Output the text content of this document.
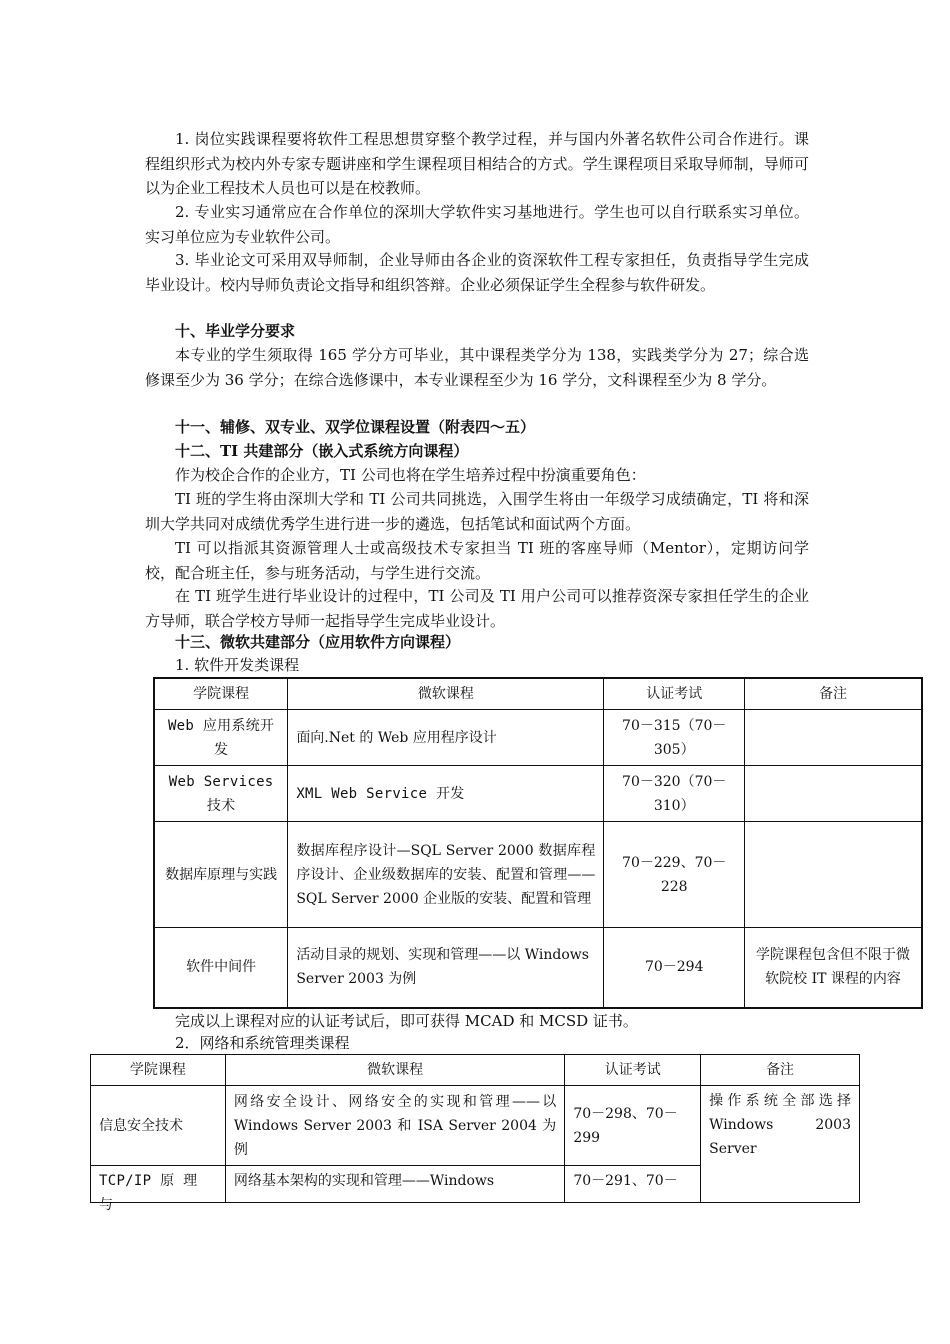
1. 岗位实践课程要将软件工程思想贯穿整个教学过程，并与国内外著名软件公司合作进行。课程组织形式为校内外专家专题讲座和学生课程项目相结合的方式。学生课程项目采取导师制，导师可以为企业工程技术人员也可以是在校教师。

2. 专业实习通常应在合作单位的深圳大学软件实习基地进行。学生也可以自行联系实习单位。实习单位应为专业软件公司。

3. 毕业论文可采用双导师制，企业导师由各企业的资深软件工程专家担任，负责指导学生完成毕业设计。校内导师负责论文指导和组织答辩。企业必须保证学生全程参与软件研发。

十、毕业学分要求

本专业的学生须取得 165 学分方可毕业，其中课程类学分为 138，实践类学分为 27；综合选修课至少为 36 学分；在综合选修课中，本专业课程至少为 16 学分，文科课程至少为 8 学分。

十一、辅修、双专业、双学位课程设置（附表四～五）

十二、TI 共建部分（嵌入式系统方向课程）

作为校企合作的企业方，TI 公司也将在学生培养过程中扮演重要角色：

TI 班的学生将由深圳大学和 TI 公司共同挑选，入围学生将由一年级学习成绩确定，TI 将和深圳大学共同对成绩优秀学生进行进一步的遴选，包括笔试和面试两个方面。

TI 可以指派其资源管理人士或高级技术专家担当 TI 班的客座导师（Mentor），定期访问学校，配合班主任，参与班务活动，与学生进行交流。

在 TI 班学生进行毕业设计的过程中，TI 公司及 TI 用户公司可以推荐资深专家担任学生的企业方导师，联合学校方导师一起指导学生完成毕业设计。

十三、微软共建部分（应用软件方向课程）

1. 软件开发类课程

学院课程	微软课程	认证考试	备注
Web 应用系统开发	面向.Net 的 Web 应用程序设计	70－315（70－305）	
Web Services 技术	XML Web Service 开发	70－320（70－310）	
数据库原理与实践	数据库程序设计—SQL Server 2000 数据库程序设计、企业级数据库的安装、配置和管理——SQL Server 2000 企业版的安装、配置和管理	70－229、70－228	
软件中间件	活动目录的规划、实现和管理——以 Windows Server 2003 为例	70－294	学院课程包含但不限于微软院校 IT 课程的内容

完成以上课程对应的认证考试后，即可获得 MCAD 和 MCSD 证书。

2．网络和系统管理类课程

学院课程	微软课程	认证考试	备注
信息安全技术	网络安全设计、网络安全的实现和管理——以 Windows Server 2003 和 ISA Server 2004 为例	70－298、70－299	操作系统全部选择 Windows 2003 Server

TCP/IP 原 理 与	网络基本架构的实现和管理——Windows	70－291、70－	
